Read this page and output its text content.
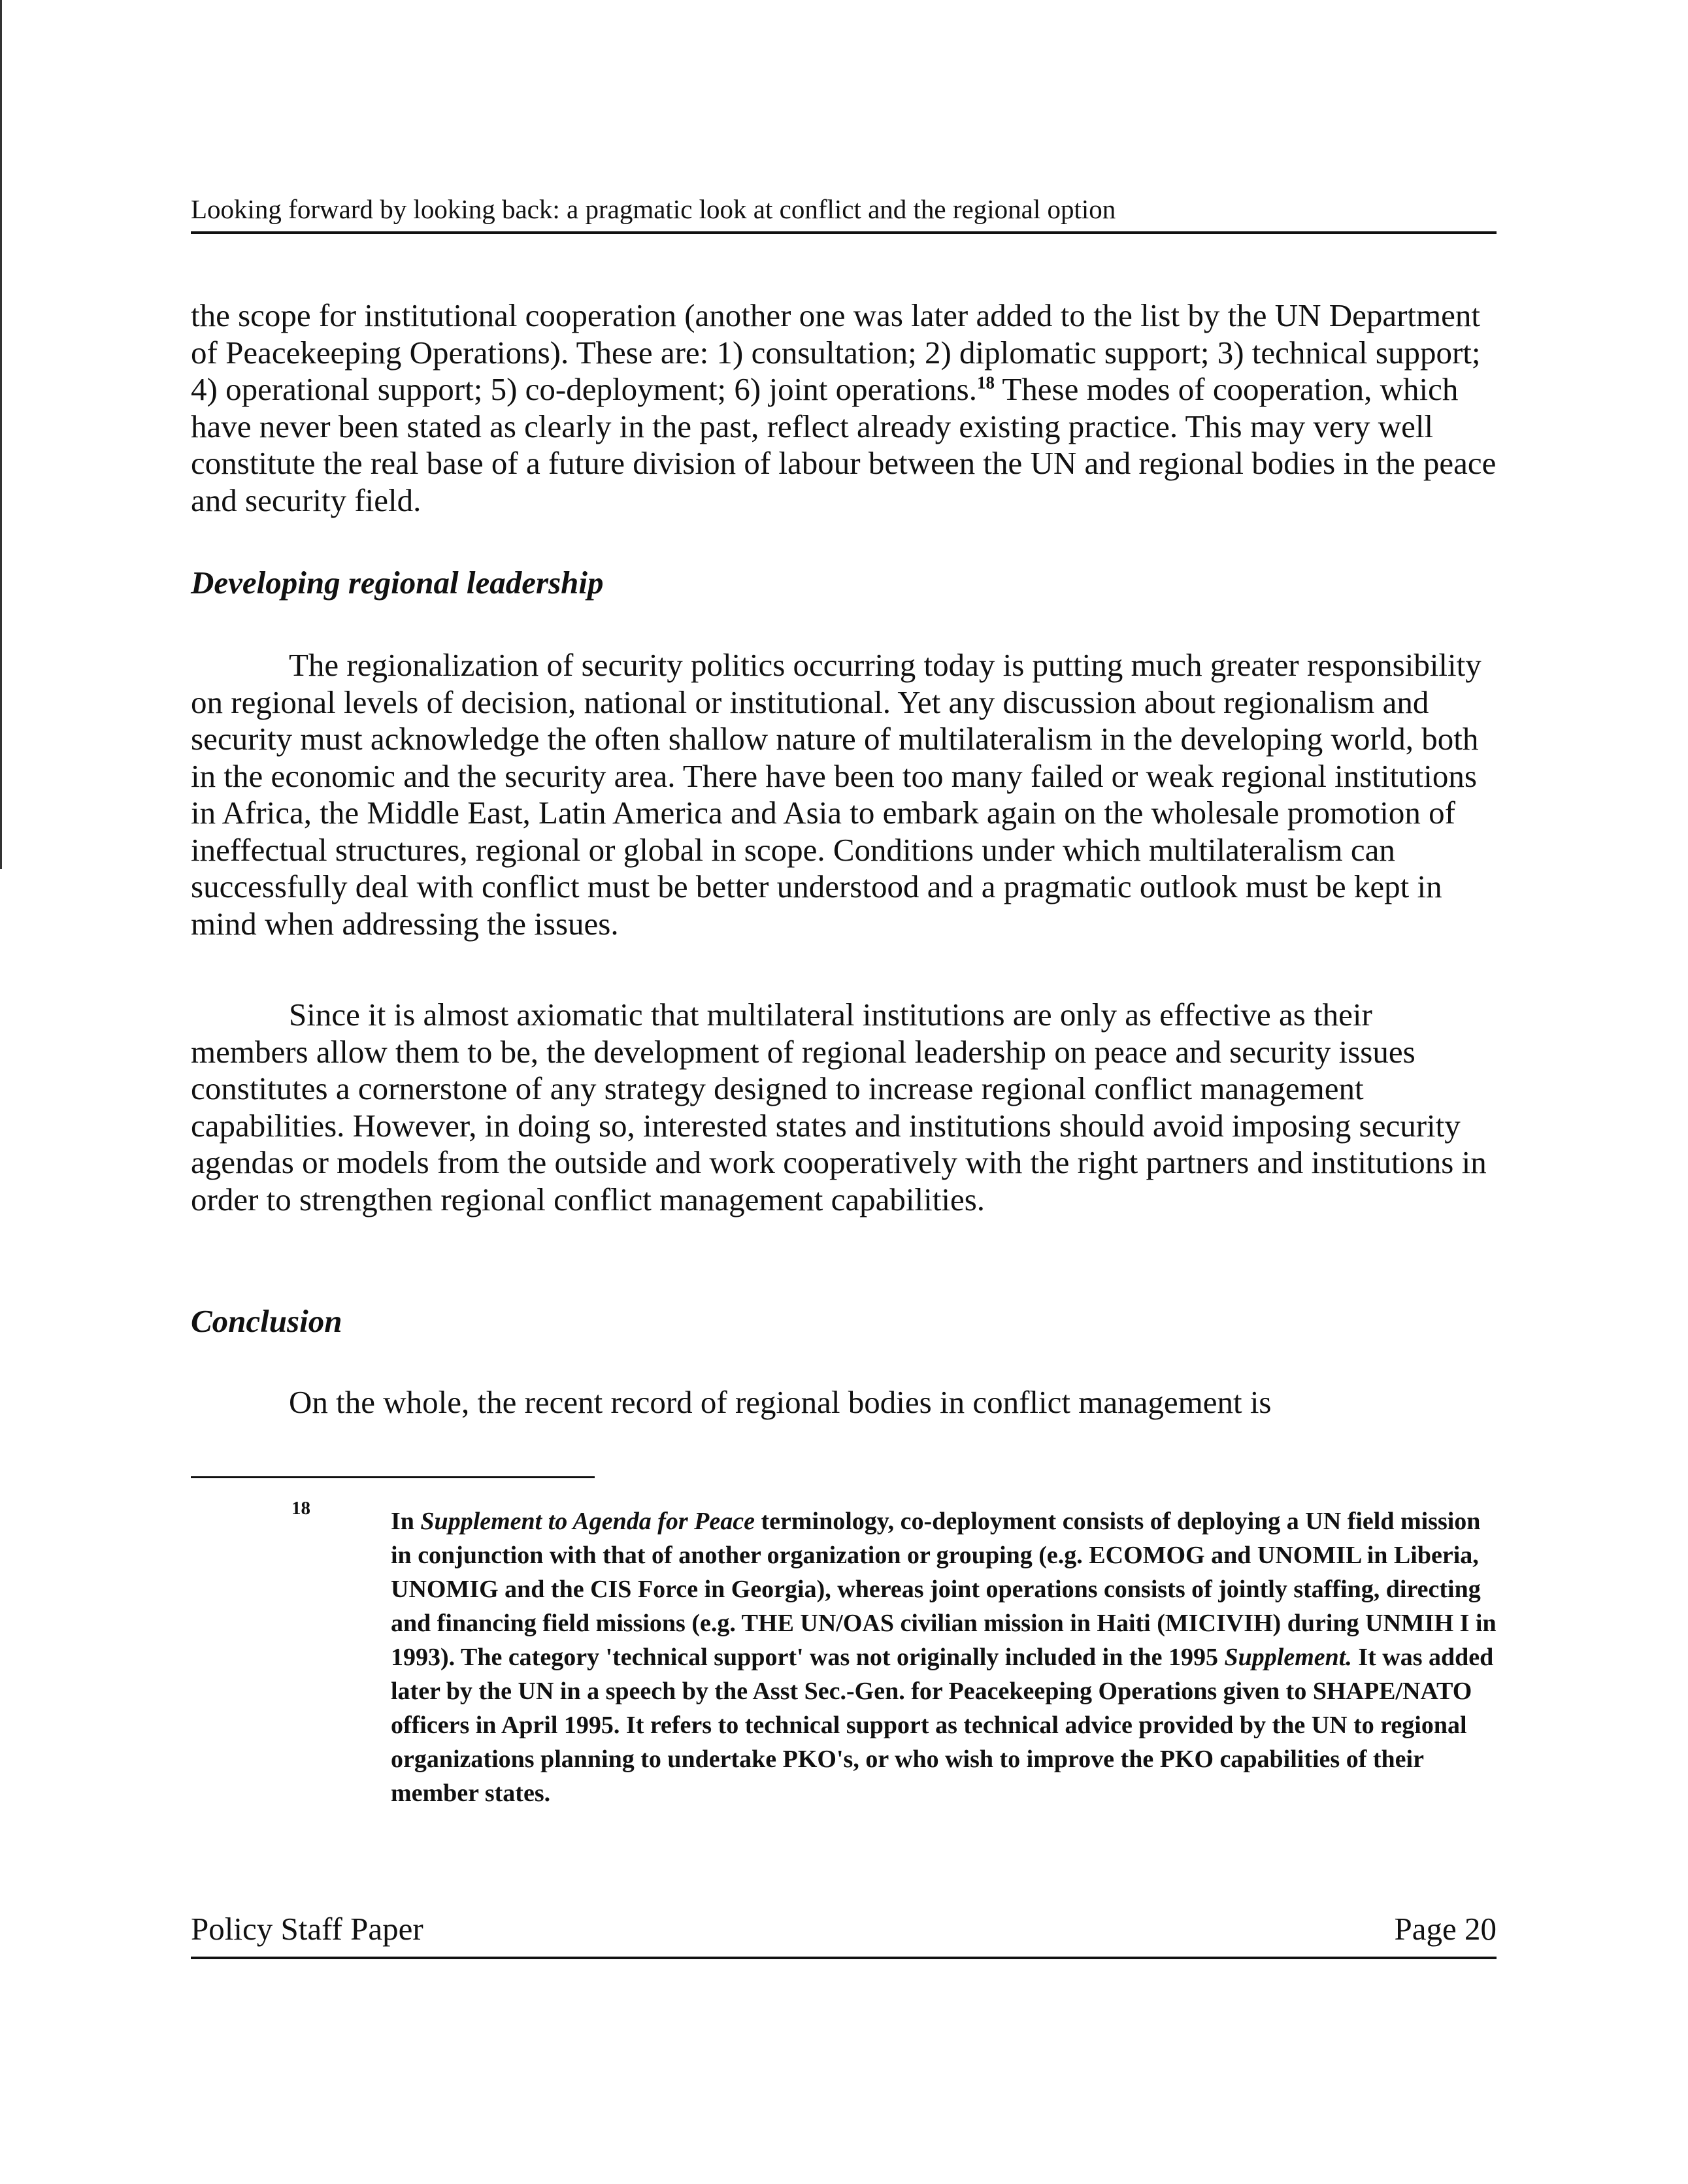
Looking forward by looking back: a pragmatic look at conflict and the regional option

the scope for institutional cooperation (another one was later added to the list by the UN Department of Peacekeeping Operations). These are: 1) consultation; 2) diplomatic support; 3) technical support; 4) operational support; 5) co-deployment; 6) joint operations.$^{18}$ These modes of cooperation, which have never been stated as clearly in the past, reflect already existing practice. This may very well constitute the real base of a future division of labour between the UN and regional bodies in the peace and security field.

Developing regional leadership

The regionalization of security politics occurring today is putting much greater responsibility on regional levels of decision, national or institutional. Yet any discussion about regionalism and security must acknowledge the often shallow nature of multilateralism in the developing world, both in the economic and the security area. There have been too many failed or weak regional institutions in Africa, the Middle East, Latin America and Asia to embark again on the wholesale promotion of ineffectual structures, regional or global in scope. Conditions under which multilateralism can successfully deal with conflict must be better understood and a pragmatic outlook must be kept in mind when addressing the issues.

Since it is almost axiomatic that multilateral institutions are only as effective as their members allow them to be, the development of regional leadership on peace and security issues constitutes a cornerstone of any strategy designed to increase regional conflict management capabilities. However, in doing so, interested states and institutions should avoid imposing security agendas or models from the outside and work cooperatively with the right partners and institutions in order to strengthen regional conflict management capabilities.

Conclusion

On the whole, the recent record of regional bodies in conflict management is

18	In Supplement to Agenda for Peace terminology, co-deployment consists of deploying a UN field mission in conjunction with that of another organization or grouping (e.g. ECOMOG and UNOMIL in Liberia, UNOMIG and the CIS Force in Georgia), whereas joint operations consists of jointly staffing, directing and financing field missions (e.g. THE UN/OAS civilian mission in Haiti (MICIVIH) during UNMIH I in 1993). The category 'technical support' was not originally included in the 1995 Supplement. It was added later by the UN in a speech by the Asst Sec.-Gen. for Peacekeeping Operations given to SHAPE/NATO officers in April 1995. It refers to technical support as technical advice provided by the UN to regional organizations planning to undertake PKO's, or who wish to improve the PKO capabilities of their member states.
Policy Staff Paper	Page 20
